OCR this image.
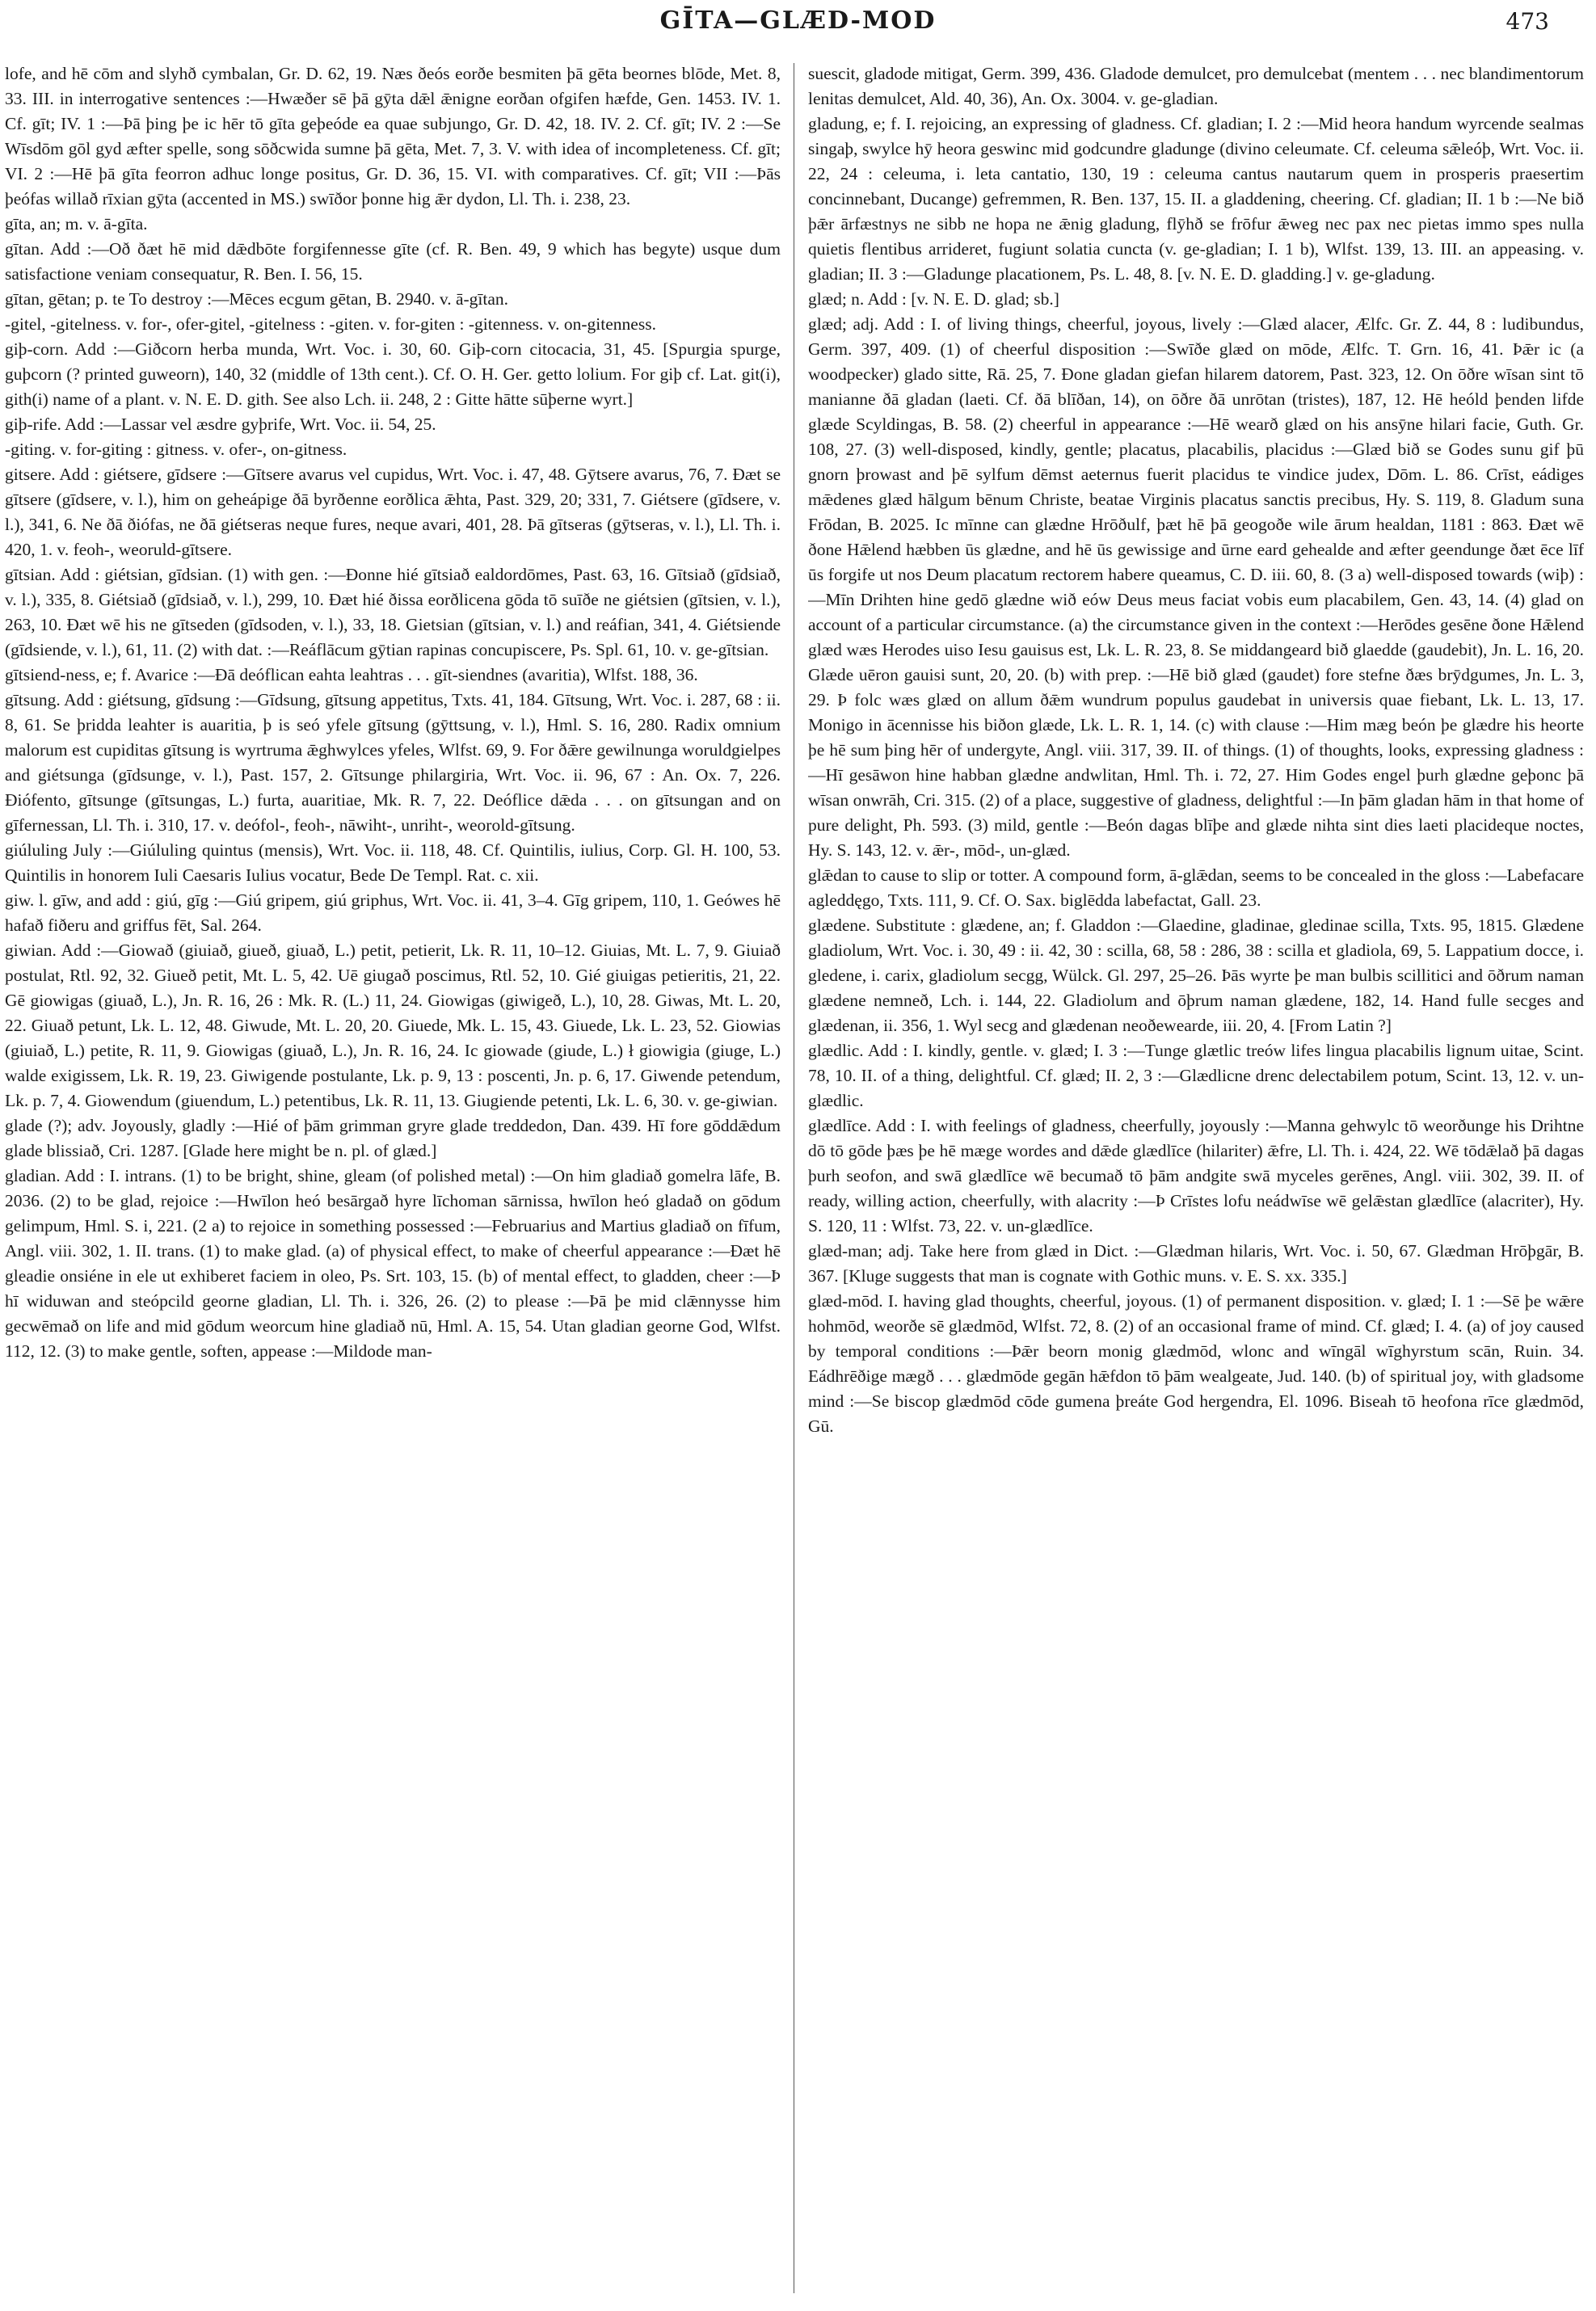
GĪTA—GLÆD-MOD	473

lofe, and hē cōm and slyhð cymbalan, Gr. D. 62, 19. Næs ðeós eorðe besmiten þā gēta beornes blōde, Met. 8, 33. III. in interrogative sentences :—Hwæðer sē þā gȳta dǣl ǣnigne eorðan ofgifen hæfde, Gen. 1453. IV. 1. Cf. gīt; IV. 1 :—Þā þing þe ic hēr tō gīta geþeóde ea quae subjungo, Gr. D. 42, 18. IV. 2. Cf. gīt; IV. 2 :—Se Wīsdōm gōl gyd æfter spelle, song sōðcwida sumne þā gēta, Met. 7, 3. V. with idea of incompleteness. Cf. gīt; VI. 2 :—Hē þā gīta feorron adhuc longe positus, Gr. D. 36, 15. VI. with comparatives. Cf. gīt; VII :—Þās þeófas willað rīxian gȳta (accented in MS.) swīðor þonne hig ǣr dydon, Ll. Th. i. 238, 23.

gīta, an; m. v. ā-gīta.

gītan. Add :—Oð ðæt hē mid dǣdbōte forgifennesse gīte (cf. R. Ben. 49, 9 which has begyte) usque dum satisfactione veniam consequatur, R. Ben. I. 56, 15.

gītan, gētan; p. te To destroy :—Mēces ecgum gētan, B. 2940. v. ā-gītan.

-gitel, -gitelness. v. for-, ofer-gitel, -gitelness : -giten. v. for-giten : -gitenness. v. on-gitenness.

giþ-corn. Add :—Giðcorn herba munda, Wrt. Voc. i. 30, 60. Giþ-corn citocacia, 31, 45. [Spurgia spurge, guþcorn (? printed guweorn), 140, 32 (middle of 13th cent.). Cf. O. H. Ger. getto lolium. For giþ cf. Lat. git(i), gith(i) name of a plant. v. N. E. D. gith. See also Lch. ii. 248, 2 : Gitte hātte sūþerne wyrt.]

giþ-rife. Add :—Lassar vel æsdre gyþrife, Wrt. Voc. ii. 54, 25.

-giting. v. for-giting : gitness. v. ofer-, on-gitness.

gitsere. Add : giétsere, gīdsere :—Gītsere avarus vel cupidus, Wrt. Voc. i. 47, 48. Gȳtsere avarus, 76, 7. Ðæt se gītsere (gīdsere, v. l.), him on geheápige ðā byrðenne eorðlica ǣhta, Past. 329, 20; 331, 7. Giétsere (gīdsere, v. l.), 341, 6. Ne ðā ðiófas, ne ðā giétseras neque fures, neque avari, 401, 28. Þā gītseras (gȳtseras, v. l.), Ll. Th. i. 420, 1. v. feoh-, weoruld-gītsere.

gītsian. Add : giétsian, gīdsian. (1) with gen. :—Ðonne hié gītsiað ealdordōmes, Past. 63, 16. Gītsiað (gīdsiað, v. l.), 335, 8. Giétsiað (gīdsiað, v. l.), 299, 10. Ðæt hié ðissa eorðlicena gōda tō suīðe ne giétsien (gītsien, v. l.), 263, 10. Ðæt wē his ne gītseden (gīdsoden, v. l.), 33, 18. Gietsian (gītsian, v. l.) and reáfian, 341, 4. Giétsiende (gīdsiende, v. l.), 61, 11. (2) with dat. :—Reáflācum gȳtian rapinas concupiscere, Ps. Spl. 61, 10. v. ge-gītsian.

gītsiend-ness, e; f. Avarice :—Ðā deóflican eahta leahtras . . . gīt-siendnes (avaritia), Wlfst. 188, 36.

gītsung. Add : giétsung, gīdsung :—Gīdsung, gītsung appetitus, Txts. 41, 184. Gītsung, Wrt. Voc. i. 287, 68 : ii. 8, 61. Se þridda leahter is auaritia, þ is seó yfele gītsung (gȳttsung, v. l.), Hml. S. 16, 280. Radix omnium malorum est cupiditas gītsung is wyrtruma ǣghwylces yfeles, Wlfst. 69, 9. For ðǣre gewilnunga woruldgielpes and giétsunga (gīdsunge, v. l.), Past. 157, 2. Gītsunge philargiria, Wrt. Voc. ii. 96, 67 : An. Ox. 7, 226. Ðiófento, gītsunge (gītsungas, L.) furta, auaritiae, Mk. R. 7, 22. Deóflice dǣda . . . on gītsungan and on gīfernessan, Ll. Th. i. 310, 17. v. deófol-, feoh-, nāwiht-, unriht-, weorold-gītsung.

giúluling July :—Giúluling quintus (mensis), Wrt. Voc. ii. 118, 48. Cf. Quintilis, iulius, Corp. Gl. H. 100, 53. Quintilis in honorem Iuli Caesaris Iulius vocatur, Bede De Templ. Rat. c. xii.

giw. l. gīw, and add : giú, gīg :—Giú gripem, giú griphus, Wrt. Voc. ii. 41, 3–4. Gīg gripem, 110, 1. Geówes hē hafað fiðeru and griffus fēt, Sal. 264.

giwian. Add :—Giowað (giuiað, giueð, giuað, L.) petit, petierit, Lk. R. 11, 10–12. Giuias, Mt. L. 7, 9. Giuiað postulat, Rtl. 92, 32. Giueð petit, Mt. L. 5, 42. Uē giugað poscimus, Rtl. 52, 10. Gié giuigas petieritis, 21, 22. Gē giowigas (giuað, L.), Jn. R. 16, 26 : Mk. R. (L.) 11, 24. Giowigas (giwigeð, L.), 10, 28. Giwas, Mt. L. 20, 22. Giuað petunt, Lk. L. 12, 48. Giwude, Mt. L. 20, 20. Giuede, Mk. L. 15, 43. Giuede, Lk. L. 23, 52. Giowias (giuiað, L.) petite, R. 11, 9. Giowigas (giuað, L.), Jn. R. 16, 24. Ic giowade (giude, L.) ł giowigia (giuge, L.) walde exigissem, Lk. R. 19, 23. Giwigende postulante, Lk. p. 9, 13 : poscenti, Jn. p. 6, 17. Giwende petendum, Lk. p. 7, 4. Giowendum (giuendum, L.) petentibus, Lk. R. 11, 13. Giugiende petenti, Lk. L. 6, 30. v. ge-giwian.

glade (?); adv. Joyously, gladly :—Hié of þām grimman gryre glade treddedon, Dan. 439. Hī fore gōddǣdum glade blissiað, Cri. 1287. [Glade here might be n. pl. of glæd.]

gladian. Add : I. intrans. (1) to be bright, shine, gleam (of polished metal) :—On him gladiað gomelra lāfe, B. 2036. (2) to be glad, rejoice :—Hwīlon heó besārgað hyre līchoman sārnissa, hwīlon heó gladað on gōdum gelimpum, Hml. S. i, 221. (2 a) to rejoice in something possessed :—Februarius and Martius gladiað on fīfum, Angl. viii. 302, 1. II. trans. (1) to make glad. (a) of physical effect, to make of cheerful appearance :—Ðæt hē gleadie onsiéne in ele ut exhiberet faciem in oleo, Ps. Srt. 103, 15. (b) of mental effect, to gladden, cheer :—Þ hī widuwan and steópcild georne gladian, Ll. Th. i. 326, 26. (2) to please :—Þā þe mid clǣnnysse him gecwēmað on life and mid gōdum weorcum hine gladiað nū, Hml. A. 15, 54. Utan gladian georne God, Wlfst. 112, 12. (3) to make gentle, soften, appease :—Mildode man-

suescit, gladode mitigat, Germ. 399, 436. Gladode demulcet, pro demulcebat (mentem . . . nec blandimentorum lenitas demulcet, Ald. 40, 36), An. Ox. 3004. v. ge-gladian.

gladung, e; f. I. rejoicing, an expressing of gladness. Cf. gladian; I. 2 :—Mid heora handum wyrcende sealmas singaþ, swylce hȳ heora geswinc mid godcundre gladunge (divino celeumate. Cf. celeuma sǣleóþ, Wrt. Voc. ii. 22, 24 : celeuma, i. leta cantatio, 130, 19 : celeuma cantus nautarum quem in prosperis praesertim concinnebant, Ducange) gefremmen, R. Ben. 137, 15. II. a gladdening, cheering. Cf. gladian; II. 1 b :—Ne bið þǣr ārfæstnys ne sibb ne hopa ne ǣnig gladung, flȳhð se frōfur ǣweg nec pax nec pietas immo spes nulla quietis flentibus arrideret, fugiunt solatia cuncta (v. ge-gladian; I. 1 b), Wlfst. 139, 13. III. an appeasing. v. gladian; II. 3 :—Gladunge placationem, Ps. L. 48, 8. [v. N. E. D. gladding.] v. ge-gladung.

glæd; n. Add : [v. N. E. D. glad; sb.]

glæd; adj. Add : I. of living things, cheerful, joyous, lively :—Glæd alacer, Ælfc. Gr. Z. 44, 8 : ludibundus, Germ. 397, 409. (1) of cheerful disposition :—Swīðe glæd on mōde, Ælfc. T. Grn. 16, 41. Þǣr ic (a woodpecker) glado sitte, Rā. 25, 7. Ðone gladan giefan hilarem datorem, Past. 323, 12. On ōðre wīsan sint tō manianne ðā gladan (laeti. Cf. ðā blīðan, 14), on ōðre ðā unrōtan (tristes), 187, 12. Hē heóld þenden lifde glæde Scyldingas, B. 58. (2) cheerful in appearance :—Hē wearð glæd on his ansȳne hilari facie, Guth. Gr. 108, 27. (3) well-disposed, kindly, gentle; placatus, placabilis, placidus :—Glæd bið se Godes sunu gif þū gnorn þrowast and þē sylfum dēmst aeternus fuerit placidus te vindice judex, Dōm. L. 86. Crīst, eádiges mǣdenes glæd hālgum bēnum Christe, beatae Virginis placatus sanctis precibus, Hy. S. 119, 8. Gladum suna Frōdan, B. 2025. Ic mīnne can glædne Hrōðulf, þæt hē þā geogoðe wile ārum healdan, 1181 : 863. Ðæt wē ðone Hǣlend hæbben ūs glædne, and hē ūs gewissige and ūrne eard gehealde and æfter geendunge ðæt ēce līf ūs forgife ut nos Deum placatum rectorem habere queamus, C. D. iii. 60, 8. (3 a) well-disposed towards (wiþ) :—Mīn Drihten hine gedō glædne wið eów Deus meus faciat vobis eum placabilem, Gen. 43, 14. (4) glad on account of a particular circumstance. (a) the circumstance given in the context :—Herōdes gesēne ðone Hǣlend glæd wæs Herodes uiso Iesu gauisus est, Lk. L. R. 23, 8. Se middangeard bið glaedde (gaudebit), Jn. L. 16, 20. Glæde uēron gauisi sunt, 20, 20. (b) with prep. :—Hē bið glæd (gaudet) fore stefne ðæs brȳdgumes, Jn. L. 3, 29. Þ folc wæs glæd on allum ðǣm wundrum populus gaudebat in universis quae fiebant, Lk. L. 13, 17. Monigo in ācennisse his biðon glæde, Lk. L. R. 1, 14. (c) with clause :—Him mæg beón þe glædre his heorte þe hē sum þing hēr of undergyte, Angl. viii. 317, 39. II. of things. (1) of thoughts, looks, expressing gladness :—Hī gesāwon hine habban glædne andwlitan, Hml. Th. i. 72, 27. Him Godes engel þurh glædne geþonc þā wīsan onwrāh, Cri. 315. (2) of a place, suggestive of gladness, delightful :—In þām gladan hām in that home of pure delight, Ph. 593. (3) mild, gentle :—Beón dagas blīþe and glæde nihta sint dies laeti placideque noctes, Hy. S. 143, 12. v. ǣr-, mōd-, un-glæd.

glǣdan to cause to slip or totter. A compound form, ā-glǣdan, seems to be concealed in the gloss :—Labefacare agleddęgo, Txts. 111, 9. Cf. O. Sax. biglēdda labefactat, Gall. 23.

glædene. Substitute : glædene, an; f. Gladdon :—Glaedine, gladinae, gledinae scilla, Txts. 95, 1815. Glædene gladiolum, Wrt. Voc. i. 30, 49 : ii. 42, 30 : scilla, 68, 58 : 286, 38 : scilla et gladiola, 69, 5. Lappatium docce, i. gledene, i. carix, gladiolum secgg, Wülck. Gl. 297, 25–26. Þās wyrte þe man bulbis scillitici and ōðrum naman glædene nemneð, Lch. i. 144, 22. Gladiolum and ōþrum naman glædene, 182, 14. Hand fulle secges and glædenan, ii. 356, 1. Wyl secg and glædenan neoðewearde, iii. 20, 4. [From Latin ?]

glædlic. Add : I. kindly, gentle. v. glæd; I. 3 :—Tunge glætlic treów lifes lingua placabilis lignum uitae, Scint. 78, 10. II. of a thing, delightful. Cf. glæd; II. 2, 3 :—Glædlicne drenc delectabilem potum, Scint. 13, 12. v. un-glædlic.

glædlīce. Add : I. with feelings of gladness, cheerfully, joyously :—Manna gehwylc tō weorðunge his Drihtne dō tō gōde þæs þe hē mæge wordes and dǣde glædlīce (hilariter) ǣfre, Ll. Th. i. 424, 22. Wē tōdǣlað þā dagas þurh seofon, and swā glædlīce wē becumað tō þām andgite swā myceles gerēnes, Angl. viii. 302, 39. II. of ready, willing action, cheerfully, with alacrity :—Þ Crīstes lofu neádwīse wē gelǣstan glædlīce (alacriter), Hy. S. 120, 11 : Wlfst. 73, 22. v. un-glædlīce.

glæd-man; adj. Take here from glæd in Dict. :—Glædman hilaris, Wrt. Voc. i. 50, 67. Glædman Hrōþgār, B. 367. [Kluge suggests that man is cognate with Gothic muns. v. E. S. xx. 335.]

glæd-mōd. I. having glad thoughts, cheerful, joyous. (1) of permanent disposition. v. glæd; I. 1 :—Sē þe wǣre hohmōd, weorðe sē glædmōd, Wlfst. 72, 8. (2) of an occasional frame of mind. Cf. glæd; I. 4. (a) of joy caused by temporal conditions :—Þǣr beorn monig glædmōd, wlonc and wīngāl wīghyrstum scān, Ruin. 34. Eádhrēðige mægð . . . glædmōde gegān hǣfdon tō þām wealgeate, Jud. 140. (b) of spiritual joy, with gladsome mind :—Se biscop glædmōd cōde gumena þreáte God hergendra, El. 1096. Biseah tō heofona rīce glædmōd, Gū.
